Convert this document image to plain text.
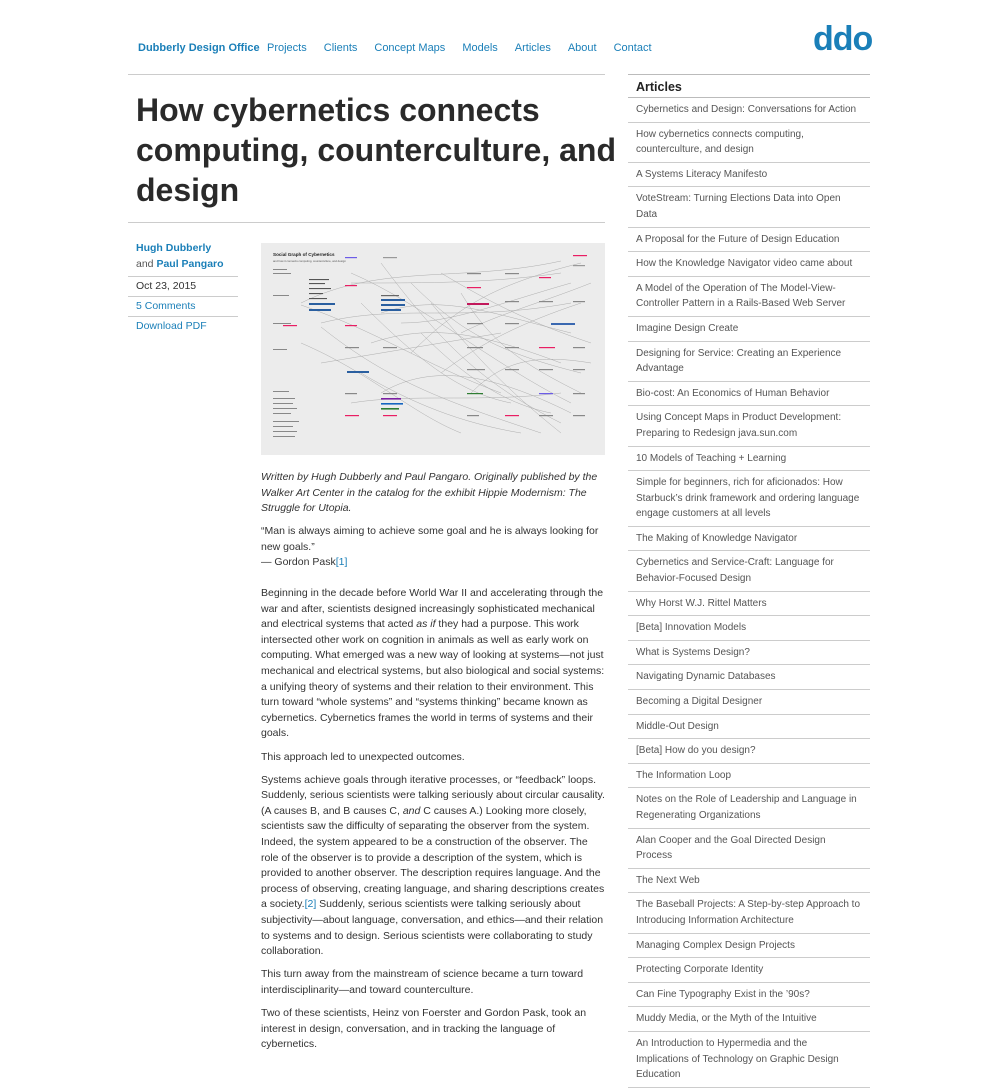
Dubberly Design Office Projects Clients Concept Maps Models Articles About Contact	ddo
How cybernetics connects computing, counterculture, and design
Hugh Dubberly and Paul Pangaro
Oct 23, 2015
5 Comments
Download PDF
Social Graph of Cybernetics
and how it connects computing, counterculture, and design

Written by Hugh Dubberly and Paul Pangaro. Originally published by the Walker Art Center in the catalog for the exhibit Hippie Modernism: The Struggle for Utopia.

“Man is always aiming to achieve some goal and he is always looking for new goals.”
— Gordon Pask[1]

Beginning in the decade before World War II and accelerating through the war and after, scientists designed increasingly sophisticated mechanical and electrical systems that acted as if they had a purpose. This work intersected other work on cognition in animals as well as early work on computing. What emerged was a new way of looking at systems—not just mechanical and electrical systems, but also biological and social systems: a unifying theory of systems and their relation to their environment. This turn toward “whole systems” and “systems thinking” became known as cybernetics. Cybernetics frames the world in terms of systems and their goals.

This approach led to unexpected outcomes.

Systems achieve goals through iterative processes, or “feedback” loops. Suddenly, serious scientists were talking seriously about circular causality. (A causes B, and B causes C, and C causes A.) Looking more closely, scientists saw the difficulty of separating the observer from the system. Indeed, the system appeared to be a construction of the observer. The role of the observer is to provide a description of the system, which is provided to another observer. The description requires language. And the process of observing, creating language, and sharing descriptions creates a society.[2] Suddenly, serious scientists were talking seriously about subjectivity—about language, conversation, and ethics—and their relation to systems and to design. Serious scientists were collaborating to study collaboration.

This turn away from the mainstream of science became a turn toward interdisciplinarity—and toward counterculture.

Two of these scientists, Heinz von Foerster and Gordon Pask, took an interest in design, conversation, and in tracking the language of cybernetics.

Articles
Cybernetics and Design: Conversations for Action
How cybernetics connects computing, counterculture, and design
A Systems Literacy Manifesto
VoteStream: Turning Elections Data into Open Data
A Proposal for the Future of Design Education
How the Knowledge Navigator video came about
A Model of the Operation of The Model-View-Controller Pattern in a Rails-Based Web Server
Imagine Design Create
Designing for Service: Creating an Experience Advantage
Bio-cost: An Economics of Human Behavior
Using Concept Maps in Product Development: Preparing to Redesign java.sun.com
10 Models of Teaching + Learning
Simple for beginners, rich for aficionados: How Starbuck’s drink framework and ordering language engage customers at all levels
The Making of Knowledge Navigator
Cybernetics and Service-Craft: Language for Behavior-Focused Design
Why Horst W.J. Rittel Matters
[Beta] Innovation Models
What is Systems Design?
Navigating Dynamic Databases
Becoming a Digital Designer
Middle-Out Design
[Beta] How do you design?
The Information Loop
Notes on the Role of Leadership and Language in Regenerating Organizations
Alan Cooper and the Goal Directed Design Process
The Next Web
The Baseball Projects: A Step-by-step Approach to Introducing Information Architecture
Managing Complex Design Projects
Protecting Corporate Identity
Can Fine Typography Exist in the ’90s?
Muddy Media, or the Myth of the Intuitive
An Introduction to Hypermedia and the Implications of Technology on Graphic Design Education
